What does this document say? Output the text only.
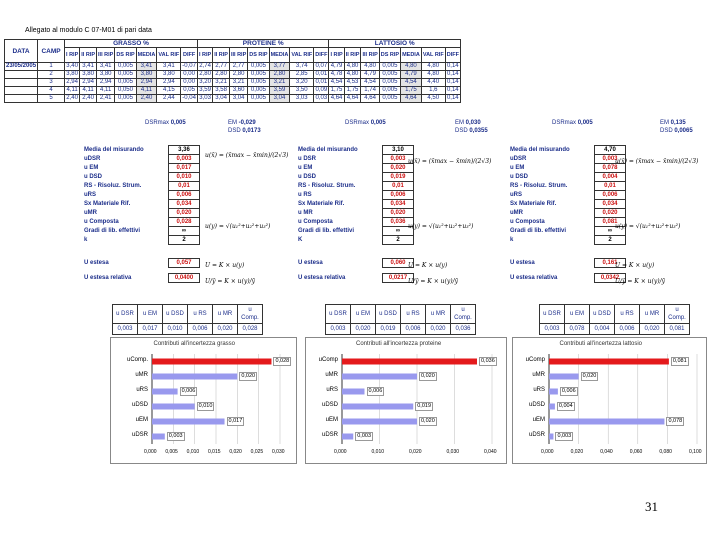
Allegato al modulo C 07-M01 di pari data
DATA	CAMP	GRASSO %							PROTEINE %							LATTOSIO %						
		I RIP	II RIP	III RIP	DS RIP	MEDIA	VAL RIF	DIFF	I RIP	II RIP	III RIP	DS RIP	MEDIA	VAL RIF	DIFF	I RIP	II RIP	III RIP	DS RIP	MEDIA	VAL RIF	DIFF
23/05/2005	1	3,40	3,41	3,41	0,005	3,41	3,41	-0,07	2,74	2,77	2,77	0,005	3,77	3,74	0,07	4,79	4,80	4,80	0,005	4,80	4,80	0,14
	2	3,80	3,80	3,80	0,005	3,80	3,80	0,00	2,80	2,80	2,80	0,005	2,80	2,85	0,01	4,78	4,80	4,79	0,005	4,79	4,80	0,14
	3	2,94	2,94	2,94	0,005	2,94	2,94	0,00	3,20	3,21	3,21	0,005	3,21	3,20	0,01	4,54	4,53	4,54	0,005	4,54	4,40	0,14
	4	4,11	4,11	4,11	0,050	4,11	4,15	0,05	3,59	3,58	3,60	0,005	3,59	3,50	0,09	1,75	1,75	1,74	0,005	1,75	1,6	0,14
	5	2,40	2,40	2,41	0,005	2,40	2,44	-0,04	3,03	3,04	3,04	0,005	3,04	3,03	0,03	4,64	4,64	4,64	0,005	4,64	4,50	0,14
DSRmax 0,005	EM -0,029
DSD 0,0173
DSRmax 0,005	EM 0,030
DSD 0,0355
DSRmax 0,005	EM 0,135
DSD 0,0065
Media del misurando	3,36
uDSR	0,003
u EM	0,017
u DSD	0,010
RS - Risoluz. Strum.	0,01
uRS	0,006
Sx Materiale Rif.	0,034
uMR	0,020
u Composta	0,028
Gradi di lib. effettivi	∞
k	2
U estesa	0,057

U estesa relativa	0,0400
Media del misurando	3,10
u DSR	0,003
u EM	0,020
u DSD	0,019
RS - Risoluz. Strum.	0,01
u RS	0,006
Sx Materiale Rif.	0,034
u MR	0,020
u Composta	0,036
Gradi di lib. effettivi	∞
K	2
U estesa	0,060

U estesa relativa	0,0217
Media del misurando	4,70
uDSR	0,003
u EM	0,078
u DSD	0,004
RS - Risoluz. Strum.	0,01
uRS	0,006
Sx Materiale Rif.	0,034
uMR	0,020
u Composta	0,081
Gradi di lib. effettivi	∞
k	2
U estesa	0,161

U estesa relativa	0,0342
u(x̄) = (x̄max − x̄min)/(2√3)
u(y) = √(u₁²+u₂²+u₃²)
U = K × u(y)
U/ȳ = K × u(y)/ȳ
u(x̄) = (x̄max − x̄min)/(2√3)
u(y) = √(u₁²+u₂²+u₃²)
U = K × u(y)
U/ȳ = K × u(y)/ȳ
u(x̄) = (x̄max − x̄min)/(2√3)
u(y) = √(u₁²+u₂²+u₃²)
U = K × u(y)
U/ȳ = K × u(y)/ȳ
u DSR	u EM	u DSD	u RS	u MR	u Comp.
0,003	0,017	0,010	0,006	0,020	0,028
u DSR	u EM	u DSD	u RS	u MR	u Comp.
0,003	0,020	0,019	0,006	0,020	0,036
u DSR	u EM	u DSD	u RS	u MR	u Comp.
0,003	0,078	0,004	0,006	0,020	0,081
Contributi all'incertezza grasso
0,000 0,005 0,010 0,015 0,020 0,025 0,030
uComp.	0,028
uMR	0,020
uRS	0,006
uDSD	0,010
uEM	0,017
uDSR	0,003
Contributi all'incertezza proteine
0,000	0,010	0,020	0,030	0,040
uComp	0,036
uMR	0,020
uRS	0,006
uDSD	0,019
uEM	0,020
uDSR	0,003
Contributi all'incertezza lattosio
0,000	0,020	0,040	0,060	0,080	0,100
uComp	0,081
uMR	0,020
uRS	0,006
uDSD	0,004
uEM	0,078
uDSR	0,003
31
